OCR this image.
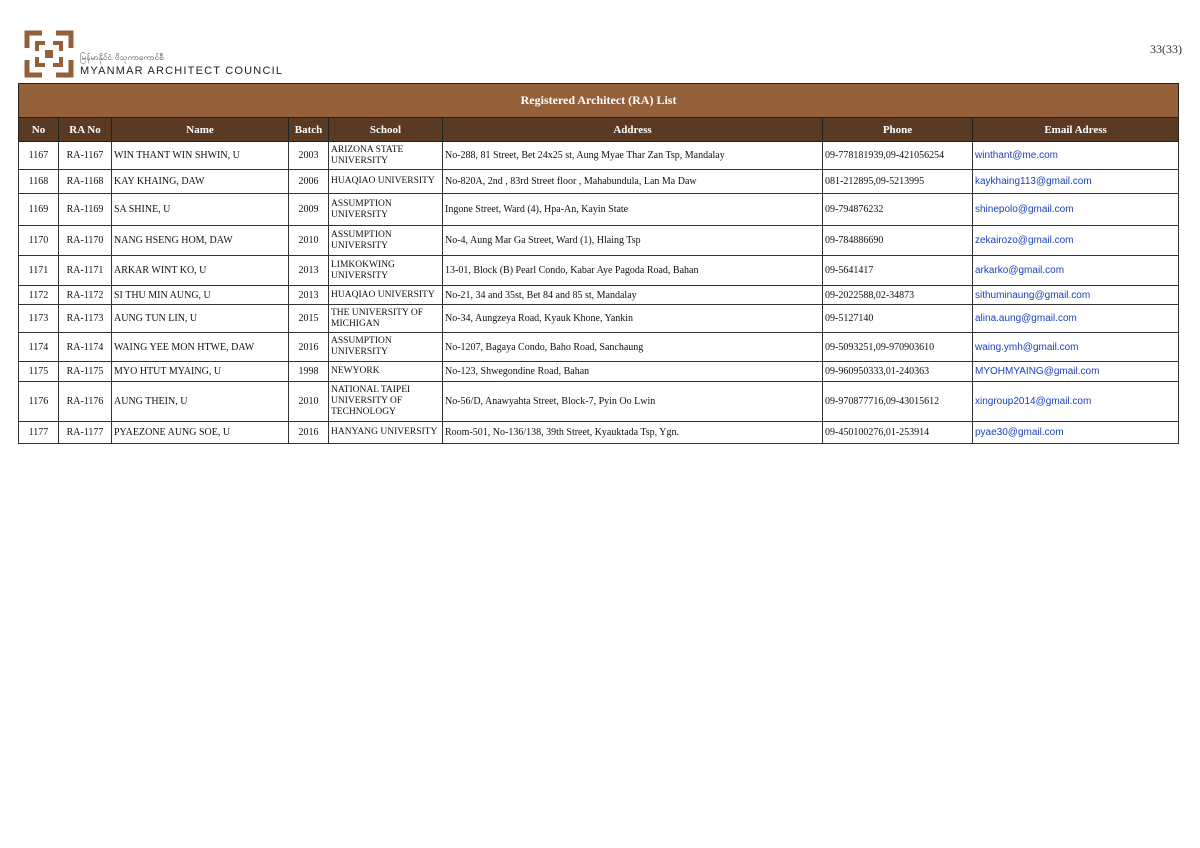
မြန်မာနိုင်ငံ ဗိသုကာကောင်စီ
MYANMAR ARCHITECT COUNCIL
33(33)
Registered Architect (RA) List							
No	RA No	Name	Batch	School	Address	Phone	Email Adress
1167	RA-1167	WIN THANT WIN SHWIN, U	2003	ARIZONA STATE UNIVERSITY	No-288, 81 Street, Bet 24x25 st, Aung Myae Thar Zan Tsp, Mandalay	09-778181939,09-421056254	winthant@me.com
1168	RA-1168	KAY KHAING, DAW	2006	HUAQIAO UNIVERSITY	No-820A, 2nd , 83rd Street floor , Mahabundula, Lan Ma Daw	081-212895,09-5213995	kaykhaing113@gmail.com
1169	RA-1169	SA SHINE, U	2009	ASSUMPTION UNIVERSITY	Ingone Street, Ward (4), Hpa-An, Kayin State	09-794876232	shinepolo@gmail.com
1170	RA-1170	NANG HSENG HOM, DAW	2010	ASSUMPTION UNIVERSITY	No-4, Aung Mar Ga Street, Ward (1), Hlaing Tsp	09-784886690	zekairozo@gmail.com
1171	RA-1171	ARKAR WINT KO, U	2013	LIMKOKWING UNIVERSITY	13-01, Block (B) Pearl Condo, Kabar Aye Pagoda Road, Bahan	09-5641417	arkarko@gmail.com
1172	RA-1172	SI THU MIN AUNG, U	2013	HUAQIAO UNIVERSITY	No-21, 34 and 35st, Bet 84 and 85 st, Mandalay	09-2022588,02-34873	sithuminaung@gmail.com
1173	RA-1173	AUNG TUN LIN, U	2015	THE UNIVERSITY OF MICHIGAN	No-34, Aungzeya Road, Kyauk Khone, Yankin	09-5127140	alina.aung@gmail.com
1174	RA-1174	WAING YEE MON HTWE, DAW	2016	ASSUMPTION UNIVERSITY	No-1207, Bagaya Condo, Baho Road, Sanchaung	09-5093251,09-970903610	waing.ymh@gmail.com
1175	RA-1175	MYO HTUT MYAING, U	1998	NEWYORK	No-123, Shwegondine Road, Bahan	09-960950333,01-240363	MYOHMYAING@gmail.com
1176	RA-1176	AUNG THEIN, U	2010	NATIONAL TAIPEI UNIVERSITY OF TECHNOLOGY	No-56/D, Anawyahta Street, Block-7, Pyin Oo Lwin	09-970877716,09-43015612	xingroup2014@gmail.com
1177	RA-1177	PYAEZONE AUNG SOE, U	2016	HANYANG UNIVERSITY	Room-501, No-136/138, 39th Street, Kyauktada Tsp, Ygn.	09-450100276,01-253914	pyae30@gmail.com
